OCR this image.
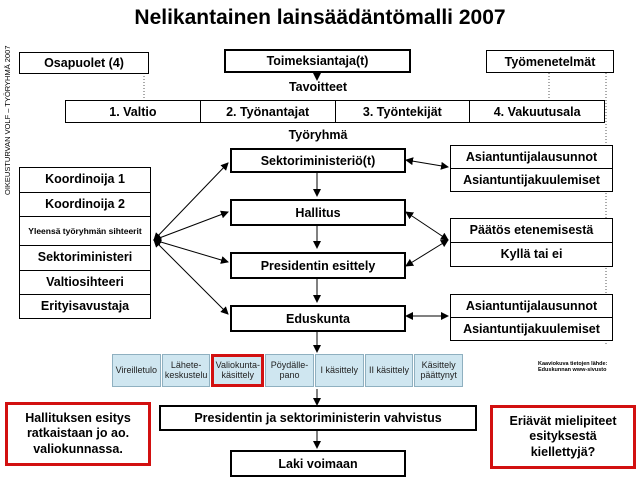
Nelikantainen lainsäädäntömalli 2007
OIKEUSTURVAN VOLF – TYÖRYHMÄ 2007	Osapuolet (4)	Toimeksiantaja(t)	Työmenetelmät
Tavoitteet
1. Valtio	2. Työnantajat	3. Työntekijät	4. Vakuutusala
Työryhmä
Sektoriministeriö(t)
Hallitus
Presidentin esittely
Eduskunta
Koordinoija 1
Koordinoija 2
Yleensä työryhmän sihteerit
Sektoriministeri
Valtiosihteeri
Erityisavustaja
Asiantuntijalausunnot
Asiantuntijakuulemiset
Päätös etenemisestä
Kyllä tai ei
Asiantuntijalausunnot
Asiantuntijakuulemiset
Vireilletulo	Lähete-keskustelu
Valiokunta-käsittely
Pöydälle-pano	I käsittely	II käsittely	Käsittely päättynyt
Kaaviokuva tietojen lähde: Eduskunnan www-sivusto
Presidentin ja sektoriministerin vahvistus
Laki voimaan
Hallituksen esitys ratkaistaan jo ao. valiokunnassa.
Eriävät mielipiteet esityksestä kiellettyjä?
